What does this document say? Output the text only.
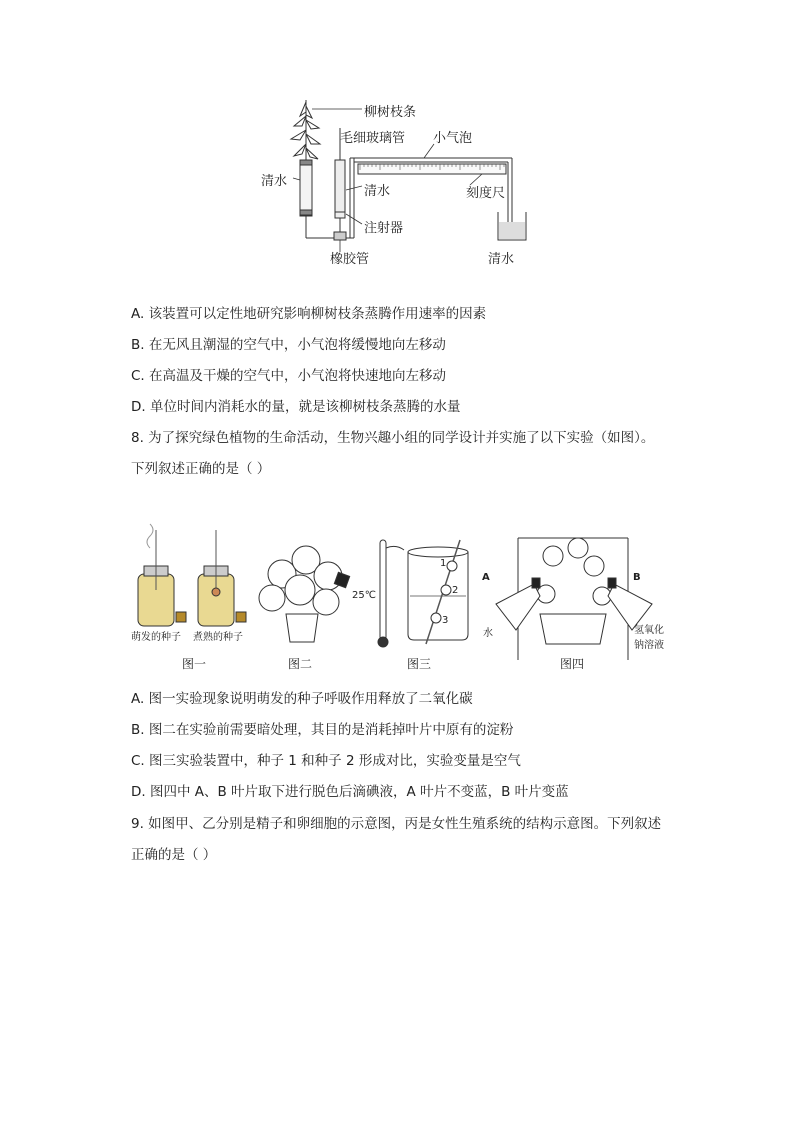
柳树枝条
毛细玻璃管 小气泡
清水
清水	刻度尺
注射器
橡胶管	清水
A. 该装置可以定性地研究影响柳树枝条蒸腾作用速率的因素
B. 在无风且潮湿的空气中，小气泡将缓慢地向左移动
C. 在高温及干燥的空气中，小气泡将快速地向左移动
D. 单位时间内消耗水的量，就是该柳树枝条蒸腾的水量
8. 为了探究绿色植物的生命活动，生物兴趣小组的同学设计并实施了以下实验（如图）。
下列叙述正确的是（ ）
萌发的种子 煮熟的种子
25℃
1
2
3
A	B
水	氢氧化
钠溶液
图一	图二	图三	图四
A. 图一实验现象说明萌发的种子呼吸作用释放了二氧化碳
B. 图二在实验前需要暗处理，其目的是消耗掉叶片中原有的淀粉
C. 图三实验装置中，种子 1 和种子 2 形成对比，实验变量是空气
D. 图四中 A、B 叶片取下进行脱色后滴碘液，A 叶片不变蓝，B 叶片变蓝
9. 如图甲、乙分别是精子和卵细胞的示意图，丙是女性生殖系统的结构示意图。下列叙述
正确的是（ ）
